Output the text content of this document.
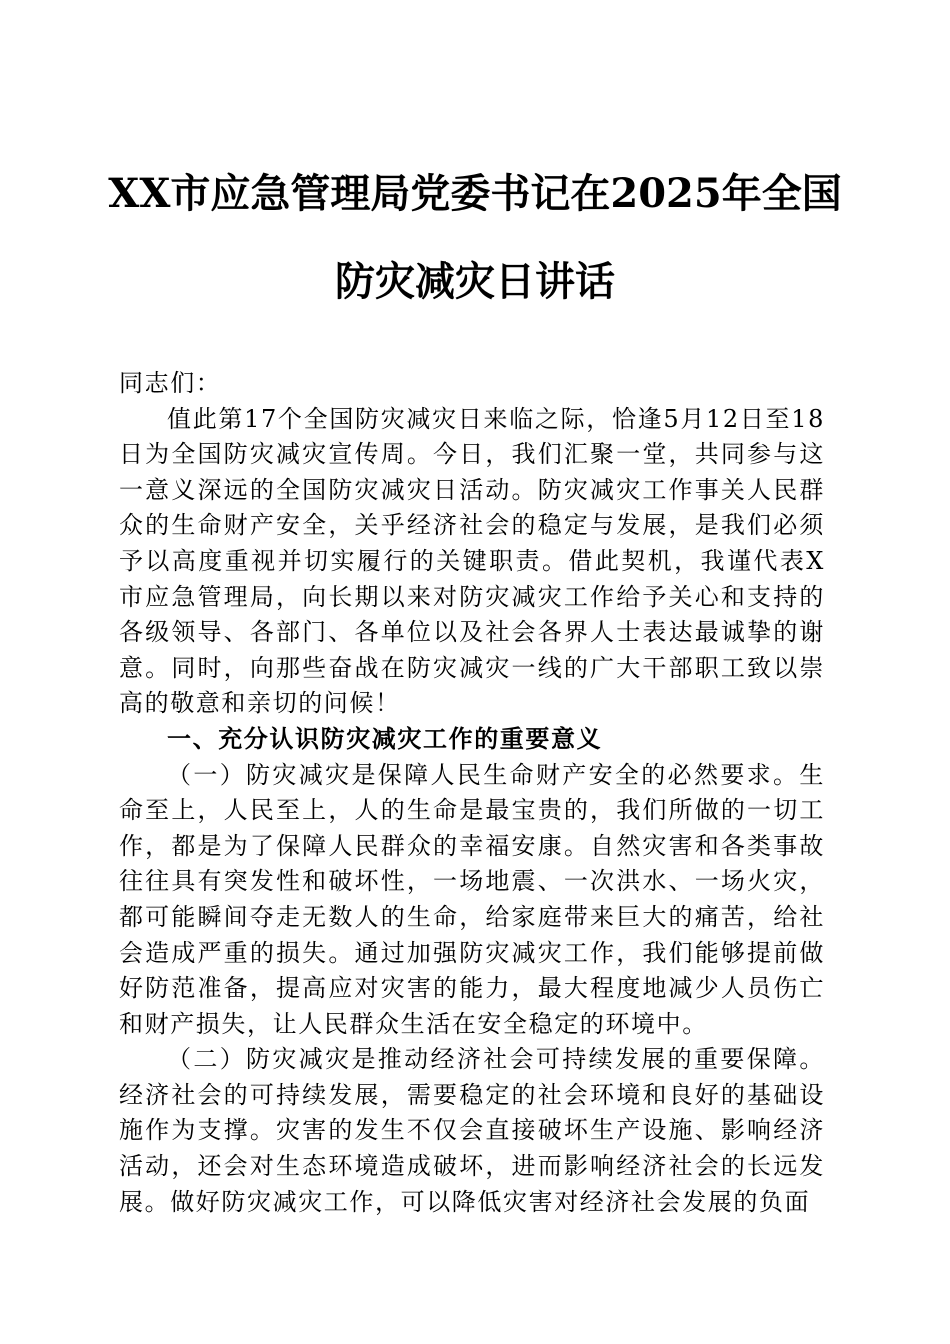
XX市应急管理局党委书记在2025年全国防灾减灾日讲话

同志们：

值此第17个全国防灾减灾日来临之际，恰逢5月12日至18日为全国防灾减灾宣传周。今日，我们汇聚一堂，共同参与这一意义深远的全国防灾减灾日活动。防灾减灾工作事关人民群众的生命财产安全，关乎经济社会的稳定与发展，是我们必须予以高度重视并切实履行的关键职责。借此契机，我谨代表X市应急管理局，向长期以来对防灾减灾工作给予关心和支持的各级领导、各部门、各单位以及社会各界人士表达最诚挚的谢意。同时，向那些奋战在防灾减灾一线的广大干部职工致以崇高的敬意和亲切的问候！

一、充分认识防灾减灾工作的重要意义

（一）防灾减灾是保障人民生命财产安全的必然要求。生命至上，人民至上，人的生命是最宝贵的，我们所做的一切工作，都是为了保障人民群众的幸福安康。自然灾害和各类事故往往具有突发性和破坏性，一场地震、一次洪水、一场火灾，都可能瞬间夺走无数人的生命，给家庭带来巨大的痛苦，给社会造成严重的损失。通过加强防灾减灾工作，我们能够提前做好防范准备，提高应对灾害的能力，最大程度地减少人员伤亡和财产损失，让人民群众生活在安全稳定的环境中。

（二）防灾减灾是推动经济社会可持续发展的重要保障。经济社会的可持续发展，需要稳定的社会环境和良好的基础设施作为支撑。灾害的发生不仅会直接破坏生产设施、影响经济活动，还会对生态环境造成破坏，进而影响经济社会的长远发展。做好防灾减灾工作，可以降低灾害对经济社会发展的负面
